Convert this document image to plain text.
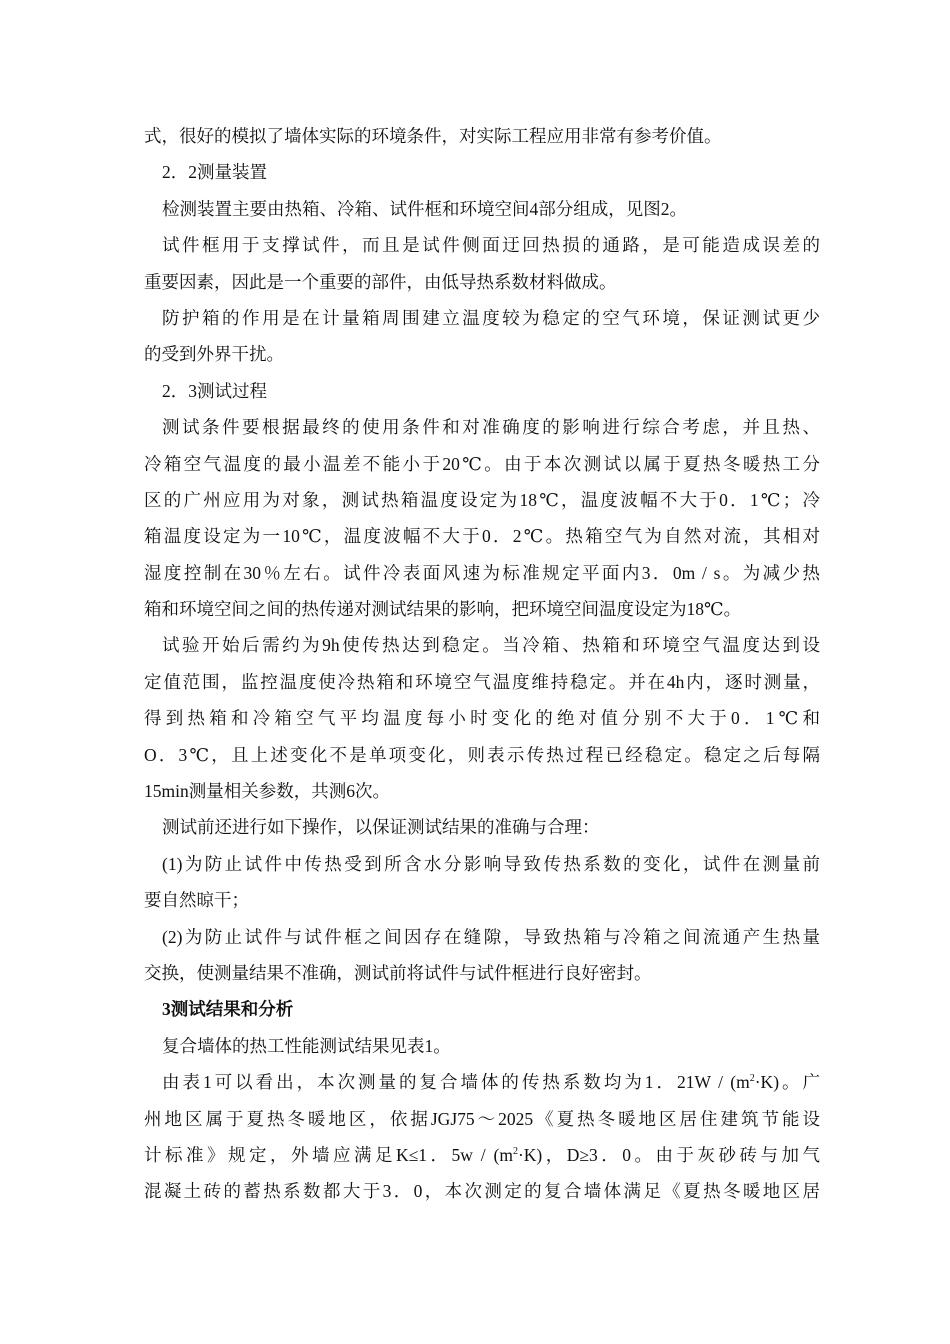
式，很好的模拟了墙体实际的环境条件，对实际工程应用非常有参考价值。
2．2测量装置
检测装置主要由热箱、冷箱、试件框和环境空间4部分组成，见图2。
试件框用于支撑试件，而且是试件侧面迂回热损的通路，是可能造成误差的
重要因素，因此是一个重要的部件，由低导热系数材料做成。
防护箱的作用是在计量箱周围建立温度较为稳定的空气环境，保证测试更少
的受到外界干扰。
2．3测试过程
测试条件要根据最终的使用条件和对准确度的影响进行综合考虑，并且热、
冷箱空气温度的最小温差不能小于20℃。由于本次测试以属于夏热冬暖热工分
区的广州应用为对象，测试热箱温度设定为18℃，温度波幅不大于0．1℃；冷
箱温度设定为一10℃，温度波幅不大于0．2℃。热箱空气为自然对流，其相对
湿度控制在30％左右。试件冷表面风速为标准规定平面内3．0m / s。为减少热
箱和环境空间之间的热传递对测试结果的影响，把环境空间温度设定为18℃。
试验开始后需约为9h使传热达到稳定。当冷箱、热箱和环境空气温度达到设
定值范围，监控温度使冷热箱和环境空气温度维持稳定。并在4h内，逐时测量，
得到热箱和冷箱空气平均温度每小时变化的绝对值分别不大于0．1℃和
O．3℃，且上述变化不是单项变化，则表示传热过程已经稳定。稳定之后每隔
15min测量相关参数，共测6次。
测试前还进行如下操作，以保证测试结果的准确与合理：
(1)为防止试件中传热受到所含水分影响导致传热系数的变化，试件在测量前
要自然晾干；
(2)为防止试件与试件框之间因存在缝隙，导致热箱与冷箱之间流通产生热量
交换，使测量结果不准确，测试前将试件与试件框进行良好密封。
3测试结果和分析
复合墙体的热工性能测试结果见表1。
由表1可以看出，本次测量的复合墙体的传热系数均为1．$21W / (m^2\cdot K)$。广
州地区属于夏热冬暖地区，依据JGJ75～2025《夏热冬暖地区居住建筑节能设
计标准》规定，外墙应满足K≤1．$5w / (m^2\cdot K)$，D≥3．0。由于灰砂砖与加气
混凝土砖的蓄热系数都大于3．0，本次测定的复合墙体满足《夏热冬暖地区居
